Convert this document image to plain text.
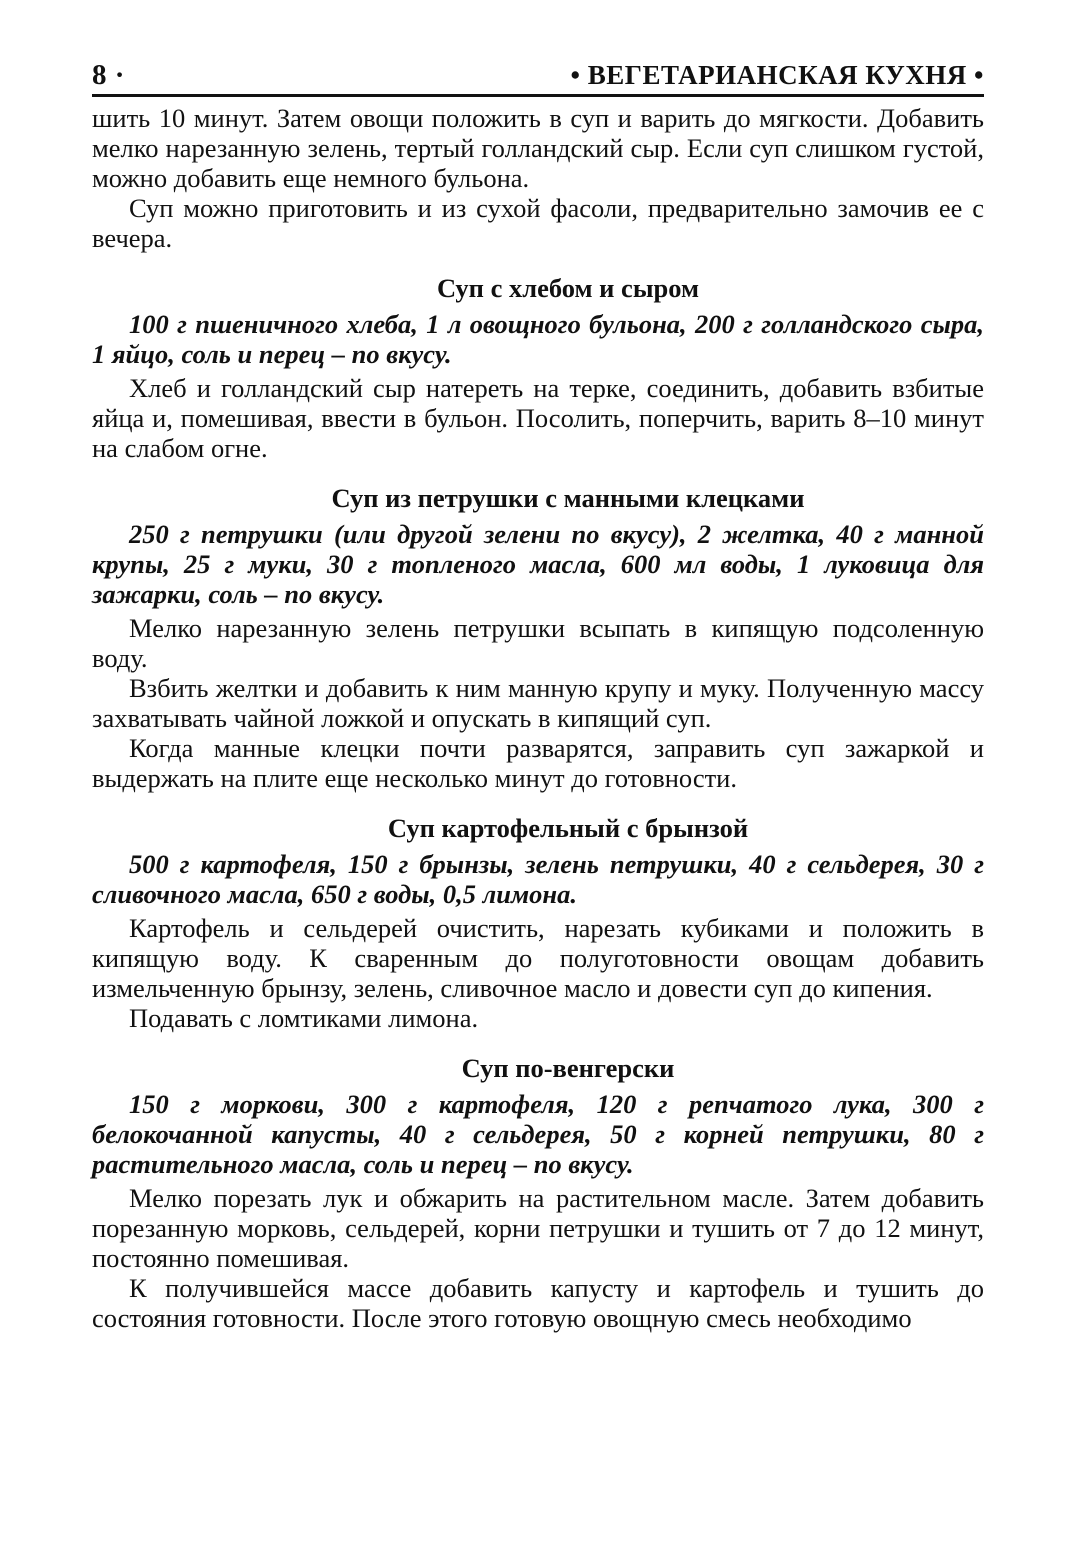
8 ·	• ВЕГЕТАРИАНСКАЯ КУХНЯ •

шить 10 минут. Затем овощи положить в суп и варить до мягкости. Добавить мелко нарезанную зелень, тертый голландский сыр. Если суп слишком густой, можно добавить еще немного бульона.

Суп можно приготовить и из сухой фасоли, предварительно замочив ее с вечера.

Суп с хлебом и сыром

100 г пшеничного хлеба, 1 л овощного бульона, 200 г голландского сыра, 1 яйцо, соль и перец – по вкусу.

Хлеб и голландский сыр натереть на терке, соединить, добавить взбитые яйца и, помешивая, ввести в бульон. Посолить, поперчить, варить 8–10 минут на слабом огне.

Суп из петрушки с манными клецками

250 г петрушки (или другой зелени по вкусу), 2 желтка, 40 г манной крупы, 25 г муки, 30 г топленого масла, 600 мл воды, 1 луковица для зажарки, соль – по вкусу.

Мелко нарезанную зелень петрушки всыпать в кипящую подсоленную воду.

Взбить желтки и добавить к ним манную крупу и муку. Полученную массу захватывать чайной ложкой и опускать в кипящий суп.

Когда манные клецки почти разварятся, заправить суп зажаркой и выдержать на плите еще несколько минут до готовности.

Суп картофельный с брынзой

500 г картофеля, 150 г брынзы, зелень петрушки, 40 г сельдерея, 30 г сливочного масла, 650 г воды, 0,5 лимона.

Картофель и сельдерей очистить, нарезать кубиками и положить в кипящую воду. К сваренным до полуготовности овощам добавить измельченную брынзу, зелень, сливочное масло и довести суп до кипения.

Подавать с ломтиками лимона.

Суп по-венгерски

150 г моркови, 300 г картофеля, 120 г репчатого лука, 300 г белокочанной капусты, 40 г сельдерея, 50 г корней петрушки, 80 г растительного масла, соль и перец – по вкусу.

Мелко порезать лук и обжарить на растительном масле. Затем добавить порезанную морковь, сельдерей, корни петрушки и тушить от 7 до 12 минут, постоянно помешивая.

К получившейся массе добавить капусту и картофель и тушить до состояния готовности. После этого готовую овощную смесь необходимо
